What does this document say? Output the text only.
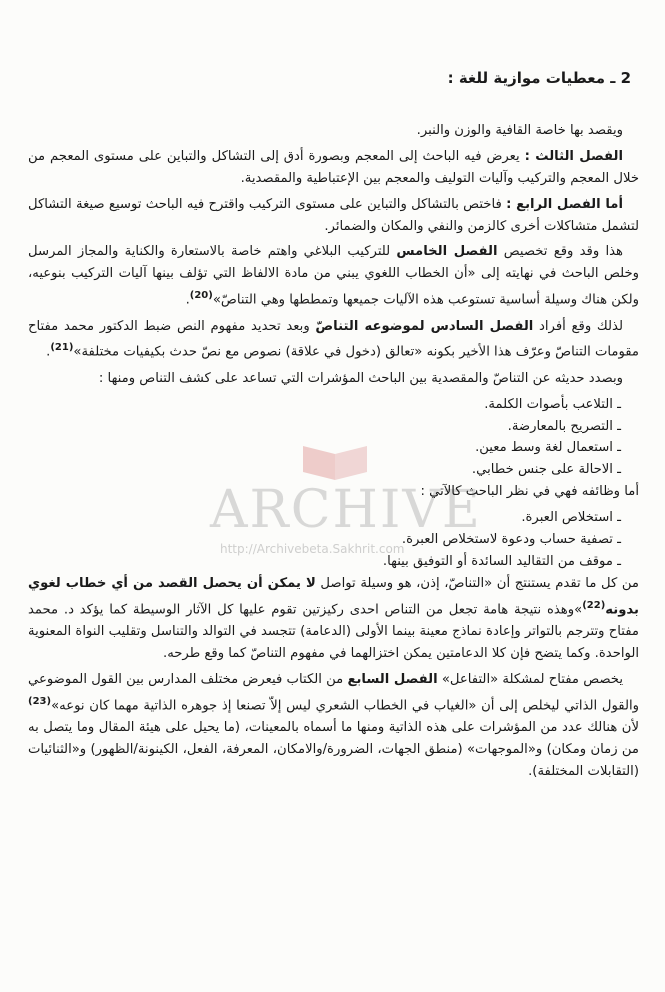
ARCHIVE
http://Archivebeta.Sakhrit.com
2 ـ معطيات موازية للغة :

ويقصد بها خاصة القافية والوزن والنبر.

الفصل الثالث : يعرض فيه الباحث إلى المعجم وبصورة أدق إلى التشاكل والتباين على مستوى المعجم من خلال المعجم والتركيب وآليات التوليف والمعجم بين الإعتباطية والمقصدية.

أما الفصل الرابع : فاختص بالتشاكل والتباين على مستوى التركيب واقترح فيه الباحث توسيع صيغة التشاكل لتشمل متشاكلات أخرى كالزمن والنفي والمكان والضمائر.

هذا وقد وقع تخصيص الفصل الخامس للتركيب البلاغي واهتم خاصة بالاستعارة والكناية والمجاز المرسل وخلص الباحث في نهايته إلى «أن الخطاب اللغوي يبني من مادة الالفاظ التي تؤلف بينها آليات التركيب بنوعيه، ولكن هناك وسيلة أساسية تستوعب هذه الآليات جميعها وتمططها وهي التناصّ»$^{(20)}$.

لذلك وقع أفراد الفصل السادس لموضوعه التناصّ وبعد تحديد مفهوم النص ضبط الدكتور محمد مفتاح مقومات التناصّ وعرّف هذا الأخير بكونه «تعالق (دخول في علاقة) نصوص مع نصّ حدث بكيفيات مختلفة»$^{(21)}$.

وبصدد حديثه عن التناصّ والمقصدية بين الباحث المؤشرات التي تساعد على كشف التناص ومنها :

ـ التلاعب بأصوات الكلمة.
ـ التصريح بالمعارضة.
ـ استعمال لغة وسط معين.
ـ الاحالة على جنس خطابي.

أما وظائفه فهي في نظر الباحث كالآتي :

ـ استخلاص العبرة.
ـ تصفية حساب ودعوة لاستخلاص العبرة.
ـ موقف من التقاليد السائدة أو التوفيق بينها.

من كل ما تقدم يستنتج أن «التناصّ، إذن، هو وسيلة تواصل لا يمكن أن يحصل القصد من أي خطاب لغوي بدونه$^{(22)}$»وهذه نتيجة هامة تجعل من التناص احدى ركيزتين تقوم عليها كل الآثار الوسيطة كما يؤكد د. محمد مفتاح وتترجم بالتواتر وإعادة نماذج معينة بينما الأولى (الدعامة) تتجسد في التوالد والتناسل وتقليب النواة المعنوية الواحدة. وكما يتضح فإن كلا الدعامتين يمكن اختزالهما في مفهوم التناصّ كما وقع طرحه.

يخصص مفتاح لمشكلة «التفاعل» الفصل السابع من الكتاب فيعرض مختلف المدارس بين القول الموضوعي والقول الذاتي ليخلص إلى أن «الغياب في الخطاب الشعري ليس إلاّ تصنعا إذ جوهره الذاتية مهما كان نوعه»$^{(23)}$ لأن هنالك عدد من المؤشرات على هذه الذاتية ومنها ما أسماه بالمعينات، (ما يحيل على هيئة المقال وما يتصل به من زمان ومكان) و«الموجهات» (منطق الجهات، الضرورة/والامكان، المعرفة، الفعل، الكينونة/الظهور) و«الثنائيات (التقابلات المختلفة).
